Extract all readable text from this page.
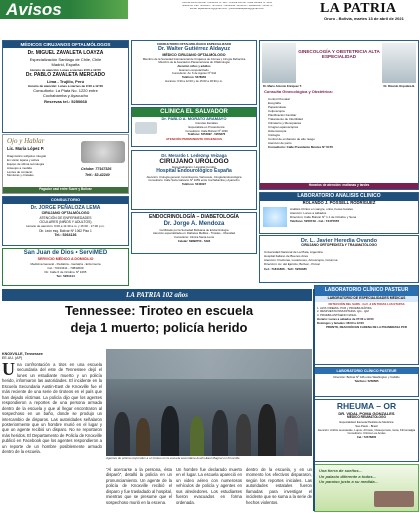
Avisos	Oficina Zona Central: Comercio Nº 142 - Oficina La Paz: Calle Illimani Nº 1435
Teléfonos: Fax: 5261110 - 5278833 - Gerencia: 5261254 - Redacción: 5261170
Email: lapatriaoruro@gmail.com - publicidadlapatria@gmail.com	LA PATRIA
Oruro - Bolivia, martes 13 de abril de 2021
MÉDICOS CIRUJANOS OFTALMÓLOGOS
Dr. MIGUEL ZAVALETA LOAYZA
Especialización Santiago de Chile, Chile
Madrid, España
Horario de atención: Lunes a viernes 9:00 a 12:00
Dr. PABLO ZAVALETA MERCADO
Lima - Trujillo, Perú
Horario de atención: Lunes a viernes de 9:00 a 12:00
Consultorio: La Plata No. 1220 entre
Cochabamba y Ayacucho
Reservas tel.: 5250668
Ojo y Hablar
Lic. María López P.
Diagnóstico subjetivo integral
En visión lejana y activa
Equipo de última tecnología
Anteojos a medida
Lentes de contacto
Monturas y cristales
Celular: 77167326
Telf.: 52-42240
Pagador casi entre Sucre y Bolívar
CONSULTORIO
Dr. JORGE PEÑALOZA LEMA
CIRUJANO OFTALMÓLOGO
ATENCIÓN DE ENFERMEDADES
OCULARES (NIÑOS Y ADULTOS)
Horario de atención: 9:00 a 11:30 a.m. y 16:00 - 17:30 p.m.
Dir. León esq. Bolívar Nº 1062 Piso 1
Tel.: 5264136
San Juan de Dios • ServiMED
SERVICIO MÉDICO A DOMICILIO
Medicina General - Pediatría - Geriatría - Enfermería
Cel.: 70313411 - 73832000
Dir. Calle 6 de Octubre Nº 1065
Tel.: 5261144
CONSULTORIO OFTALMOLÓGICO ESPECIALIZADO
Dr. Walter Gutiérrez Aldayuz
MÉDICO CIRUJANO OFTALMÓLOGO
Miembro de la Sociedad Internacional de Cirujanos de Córnea y Cirugía Refractiva
Miembro de la Asociación Panamericana de Oftalmología
Atención niños y adultos
Examen computarizado
Consultorio: Av. 6 de Agosto Nº 944
Teléfono: 5278956
Horarios: 9:30 a 12:00 y de 15:00 a 18:30 p.m.
CLÍNICA EL SALVADOR
Dr. PABLO A. MORATO ARAMAYO
Ciencias Dentales
Especialista en Prostodoncia
Consultorio: Calle Bolívar Nº 1030
Teléfono: 5254897 - 5256376
ATENCIÓN PERMANENTE URGENCIAS
Dr. Merardo I. Ledezma Veizaga
CIRUJANO URÓLOGO
Especialización: Hospital Cordón
Hospital Endourológico España
Atención: Urología general, Incontinencia, Varicocele, Cirugía Endourológica
Consultorio: Calle Soria Galvarro Nº 1059 entre Cochabamba y Ayacucho
Teléfono: 5240097
ENDOCRINOLOGÍA – DIABETOLOGÍA
Dr. Jorge A. Mendoza
Certificado por la Sociedad Boliviana de Endocrinología
Atención especializada en: Diabetes Mellitus - Tiroides - Obesidad
Consultorio: Clínica Santa Lucía
Celular: 69898750 - 5493
GINECOLOGÍA Y OBSTETRICIA ALTA ESPECIALIDAD
Dr. Mario Antonio Enríquez T.	Dr. Ricardo Orquídea B.
Consulta Ginecológica y Obstétrica:
Control Prenatal
Ecografía
Papanicolaou
Colposcopía
Planificación Familiar
Tratamiento de Infertilidad
Climaterio y Menopausia
Cirugía Laparoscópica
Histeroscopía
Citología
Control de embarazo de alto riesgo
Atención de parto
Consultorio: Calle Presidente Montes Nº 6170
Horarios de atención: mañanas y tardes
LABORATORIO ANÁLISIS CLÍNICO
ROLANDO J. POSSELL RODRÍGUEZ
Análisis Clínico en sangre, orina, heces fecales
Atención: Lunes a sábados
Dirección: Calle Bolívar Nº 1.1 de Octubre y Sena
Teléfono: 5256749 - Cel.: 73475555
Dr. L. Javier Heredia Ovando
CIRUJANO ORTOPEDISTA Y TRAUMATÓLOGO
Universidad Nacional de La Plata, Argentina
Hospital Italiano de Buenos Aires
Atención: Fracturas, Luxaciones, Artroscopía, Columna
Dirección: Av. del Ejército, Bolívar - Potosí
Cel.: 71841866 - Telf.: 5259485
LABORATORIO CLÍNICO PASTEUR
LABORATORIO DE ESPECIALIDADES MÉDICAS
DETECCIÓN DEL SARS - CoV -2 EN TODAS LAS ETAPAS
1. ALTA VIREMIA: PCR y PRUEBA RÁPIDA
2. RESPUESTA INMUNITARIA: IgG - IgM
3. PRUEBA ANTÍGENO NASAL
Horario: Lunes a sábados de 07:00 a 19:00
Domingos y feriados: 08:00 a 12:00
PRONTO, REACCIÓN EN CADENA DE LA POLIMERASA PCR
LABORATORIO CLÍNICO PASTEUR
Dirección: Bolívar Nº 446 entre Washington y Cabildo
Teléfono: 5258585
RHEUMA – OR
DR. VIDAL POMA GONZALES
MÉDICO REUMATÓLOGO
Especialidad: Escuela Paulista de Medicina
Sao Paulo - Brasil
Atención: Artritis reumatoide, Lupus, Artrosis, Osteoporosis, Gota, Fibromialgia
Consultorio: Clínica Los Andes
Cel.: 72476800
Una tierra de sueños...
Un palacio diferente a todos...
Un paraíso justo a su medida...
LA PATRIA 102 años
Tennessee: Tiroteo en escuela
deja 1 muerto; policía herido
KNOXVILLE, Tennessee
EE.UU. (AP)
Agentes de policía responden a un tiroteo en la escuela secundaria Austin-East Magnet en Knoxville.
Una confrontación a tiros en una escuela secundaria del este de Tennessee dejó el lunes un estudiante muerto y un policía herido, informaron las autoridades. El incidente en la Escuela Secundaria Austin-East de Knoxville fue el más reciente de una serie de tiroteos en el país que han dejado víctimas. La policía dijo que los agentes respondieron a reportes de una persona armada dentro de la escuela y que al llegar encontraron al sospechoso en un baño, donde se produjo un intercambio de disparos. Las autoridades señalaron posteriormente que un hombre murió en el lugar y que un agente recibió un disparo. No se reportaron más heridos. El Departamento de Policía de Knoxville publicó en Facebook que los agentes respondieron a un reporte de un hombre posiblemente armado dentro de la escuela.
"Al acercarse a la persona, ésta disparó", detalló la policía en un pronunciamiento. Un agente de la policía de Knoxville recibió el disparo y fue trasladado al hospital, mientras que se presume que el sospechoso murió en la escena.
Un hombre fue declarado muerto en el lugar. La escuela apareció en un video aéreo con numerosos vehículos de policía y agentes en sus alrededores. Los estudiantes fueron evacuados en forma ordenada.
dentro de la escuela, y en un momento los efectivos dispararon, según los reportes iniciales. Las autoridades estatales fueron llamadas para investigar el incidente que se suma a la serie de hechos violentos.
